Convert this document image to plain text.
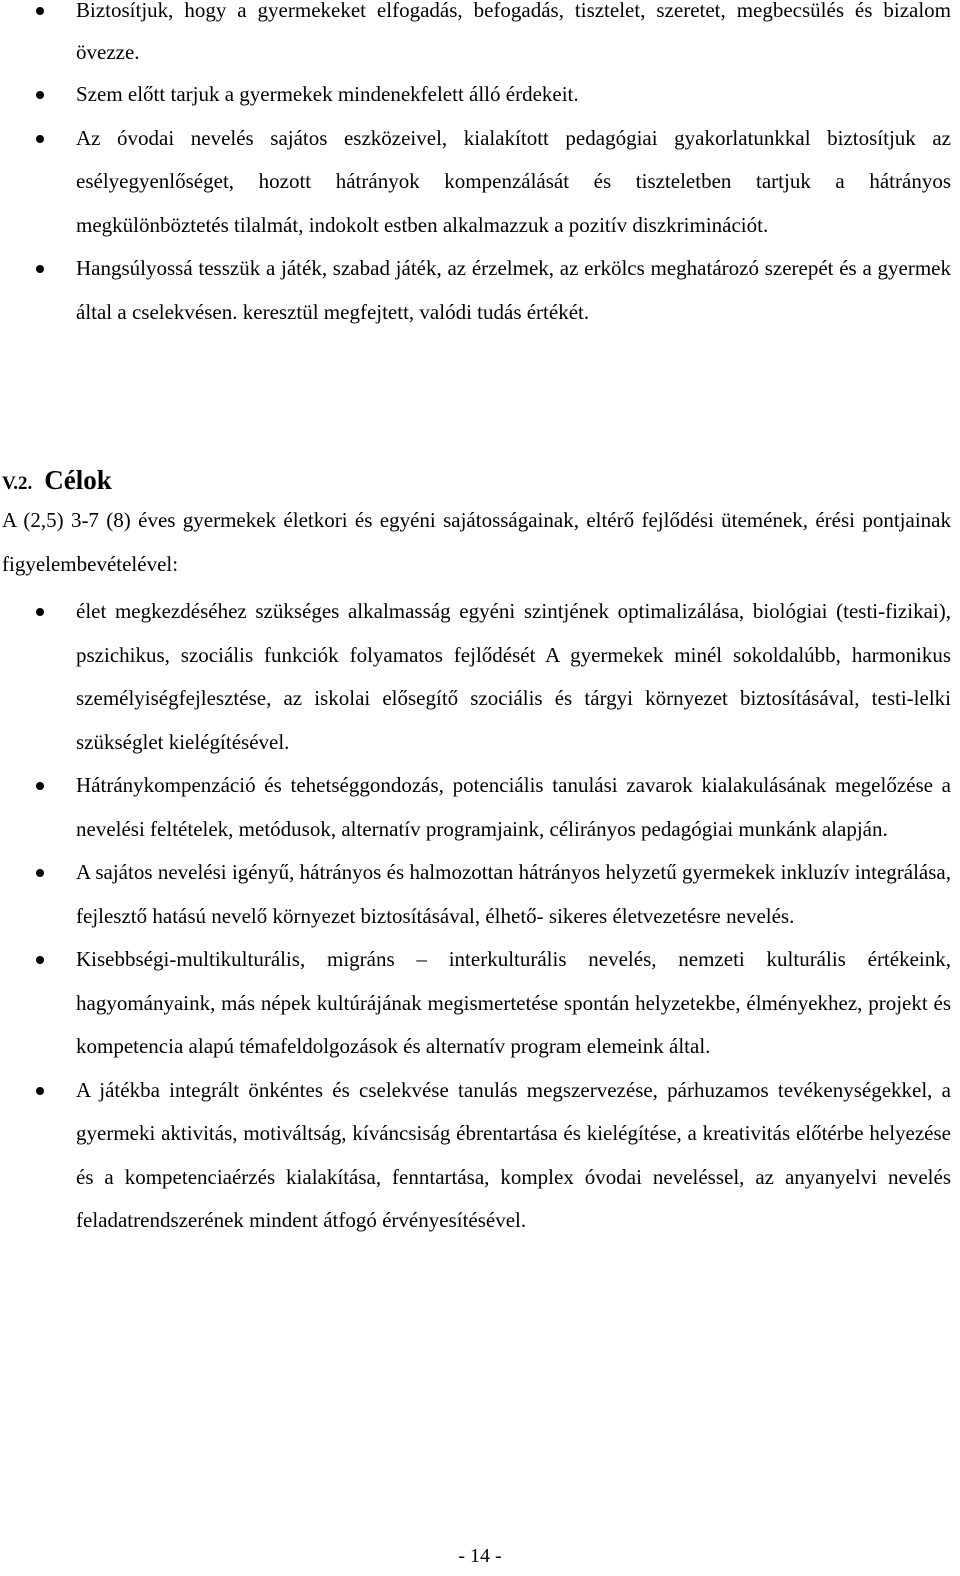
Biztosítjuk, hogy a gyermekeket elfogadás, befogadás, tisztelet, szeretet, megbecsülés és bizalom övezze.
Szem előtt tarjuk a gyermekek mindenekfelett álló érdekeit.
Az óvodai nevelés sajátos eszközeivel, kialakított pedagógiai gyakorlatunkkal biztosítjuk az esélyegyenlőséget, hozott hátrányok kompenzálását és tiszteletben tartjuk a hátrányos megkülönböztetés tilalmát, indokolt estben alkalmazzuk a pozitív diszkriminációt.
Hangsúlyossá tesszük a játék, szabad játék, az érzelmek, az erkölcs meghatározó szerepét és a gyermek által a cselekvésen. keresztül megfejtett, valódi tudás értékét.
V.2. Célok

A (2,5) 3-7 (8) éves gyermekek életkori és egyéni sajátosságainak, eltérő fejlődési ütemének, érési pontjainak figyelembevételével:

élet megkezdéséhez szükséges alkalmasság egyéni szintjének optimalizálása, biológiai (testi-fizikai), pszichikus, szociális funkciók folyamatos fejlődését A gyermekek minél sokoldalúbb, harmonikus személyiségfejlesztése, az iskolai elősegítő szociális és tárgyi környezet biztosításával, testi-lelki szükséglet kielégítésével.
Hátránykompenzáció és tehetséggondozás, potenciális tanulási zavarok kialakulásának megelőzése a nevelési feltételek, metódusok, alternatív programjaink, célirányos pedagógiai munkánk alapján.
A sajátos nevelési igényű, hátrányos és halmozottan hátrányos helyzetű gyermekek inkluzív integrálása, fejlesztő hatású nevelő környezet biztosításával, élhető- sikeres életvezetésre nevelés.
Kisebbségi-multikulturális, migráns – interkulturális nevelés, nemzeti kulturális értékeink, hagyományaink, más népek kultúrájának megismertetése spontán helyzetekbe, élményekhez, projekt és kompetencia alapú témafeldolgozások és alternatív program elemeink által.
A játékba integrált önkéntes és cselekvése tanulás megszervezése, párhuzamos tevékenységekkel, a gyermeki aktivitás, motiváltság, kíváncsiság ébrentartása és kielégítése, a kreativitás előtérbe helyezése és a kompetenciaérzés kialakítása, fenntartása, komplex óvodai neveléssel, az anyanyelvi nevelés feladatrendszerének mindent átfogó érvényesítésével.
- 14 -
